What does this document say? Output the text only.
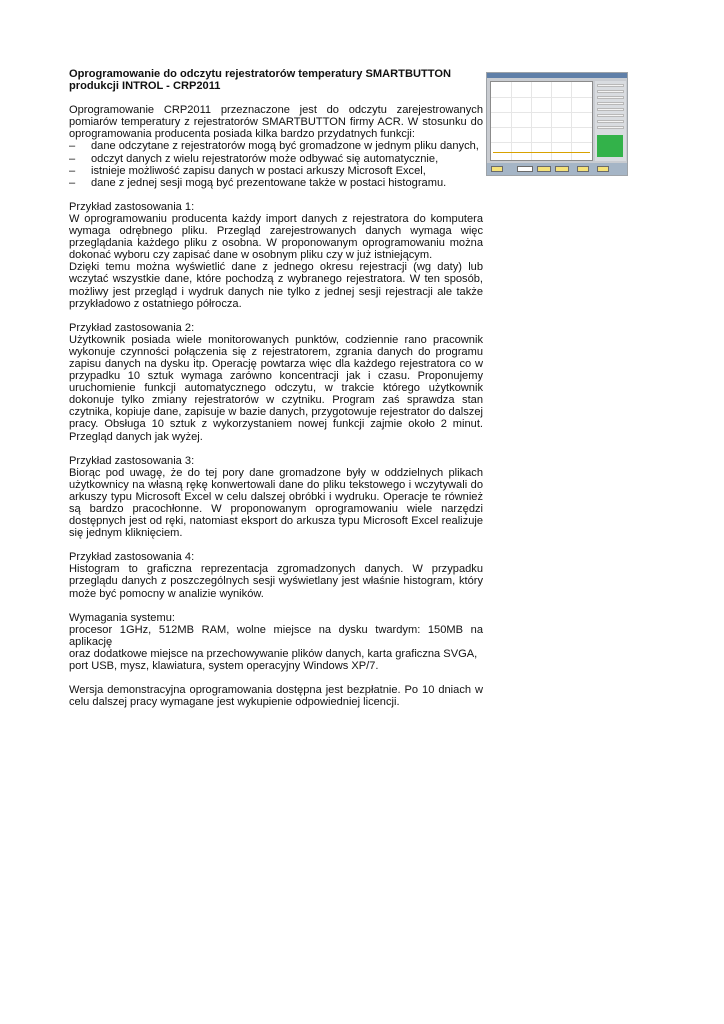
Oprogramowanie do odczytu rejestratorów temperatury SMARTBUTTON
produkcji INTROL - CRP2011

Oprogramowanie CRP2011 przeznaczone jest do odczytu zarejestrowanych pomiarów temperatury z rejestratorów SMARTBUTTON firmy ACR. W stosunku do oprogramowania producenta posiada kilka bardzo przydatnych funkcji:

– dane odczytane z rejestratorów mogą być gromadzone w jednym pliku danych,
– odczyt danych z wielu rejestratorów może odbywać się automatycznie,
– istnieje możliwość zapisu danych w postaci arkuszy Microsoft Excel,
– dane z jednej sesji mogą być prezentowane także w postaci histogramu.

Przykład zastosowania 1:

W oprogramowaniu producenta każdy import danych z rejestratora do komputera wymaga odrębnego pliku. Przegląd zarejestrowanych danych wymaga więc przeglądania każdego pliku z osobna. W proponowanym oprogramowaniu można dokonać wyboru czy zapisać dane w osobnym pliku czy w już istniejącym.

Dzięki temu można wyświetlić dane z jednego okresu rejestracji (wg daty) lub wczytać wszystkie dane, które pochodzą z wybranego rejestratora. W ten sposób, możliwy jest przegląd i wydruk danych nie tylko z jednej sesji rejestracji ale także przykładowo z ostatniego półrocza.

Przykład zastosowania 2:

Użytkownik posiada wiele monitorowanych punktów, codziennie rano pracownik wykonuje czynności połączenia się z rejestratorem, zgrania danych do programu zapisu danych na dysku itp. Operację powtarza więc dla każdego rejestratora co w przypadku 10 sztuk wymaga zarówno koncentracji jak i czasu. Proponujemy uruchomienie funkcji automatycznego odczytu, w trakcie którego użytkownik dokonuje tylko zmiany rejestratorów w czytniku. Program zaś sprawdza stan czytnika, kopiuje dane, zapisuje w bazie danych, przygotowuje rejestrator do dalszej pracy. Obsługa 10 sztuk z wykorzystaniem nowej funkcji zajmie około 2 minut. Przegląd danych jak wyżej.

Przykład zastosowania 3:

Biorąc pod uwagę, że do tej pory dane gromadzone były w oddzielnych plikach użytkownicy na własną rękę konwertowali dane do pliku tekstowego i wczytywali do arkuszy typu Microsoft Excel w celu dalszej obróbki i wydruku. Operacje te również są bardzo pracochłonne. W proponowanym oprogramowaniu wiele narzędzi dostępnych jest od ręki, natomiast eksport do arkusza typu Microsoft Excel realizuje się jednym kliknięciem.

Przykład zastosowania 4:

Histogram to graficzna reprezentacja zgromadzonych danych. W przypadku przeglądu danych z poszczególnych sesji wyświetlany jest właśnie histogram, który może być pomocny w analizie wyników.

Wymagania systemu:

procesor 1GHz, 512MB RAM, wolne miejsce na dysku twardym: 150MB na aplikację

oraz dodatkowe miejsce na przechowywanie plików danych, karta graficzna SVGA, port USB, mysz, klawiatura, system operacyjny Windows XP/7.

Wersja demonstracyjna oprogramowania dostępna jest bezpłatnie. Po 10 dniach w celu dalszej pracy wymagane jest wykupienie odpowiedniej licencji.
